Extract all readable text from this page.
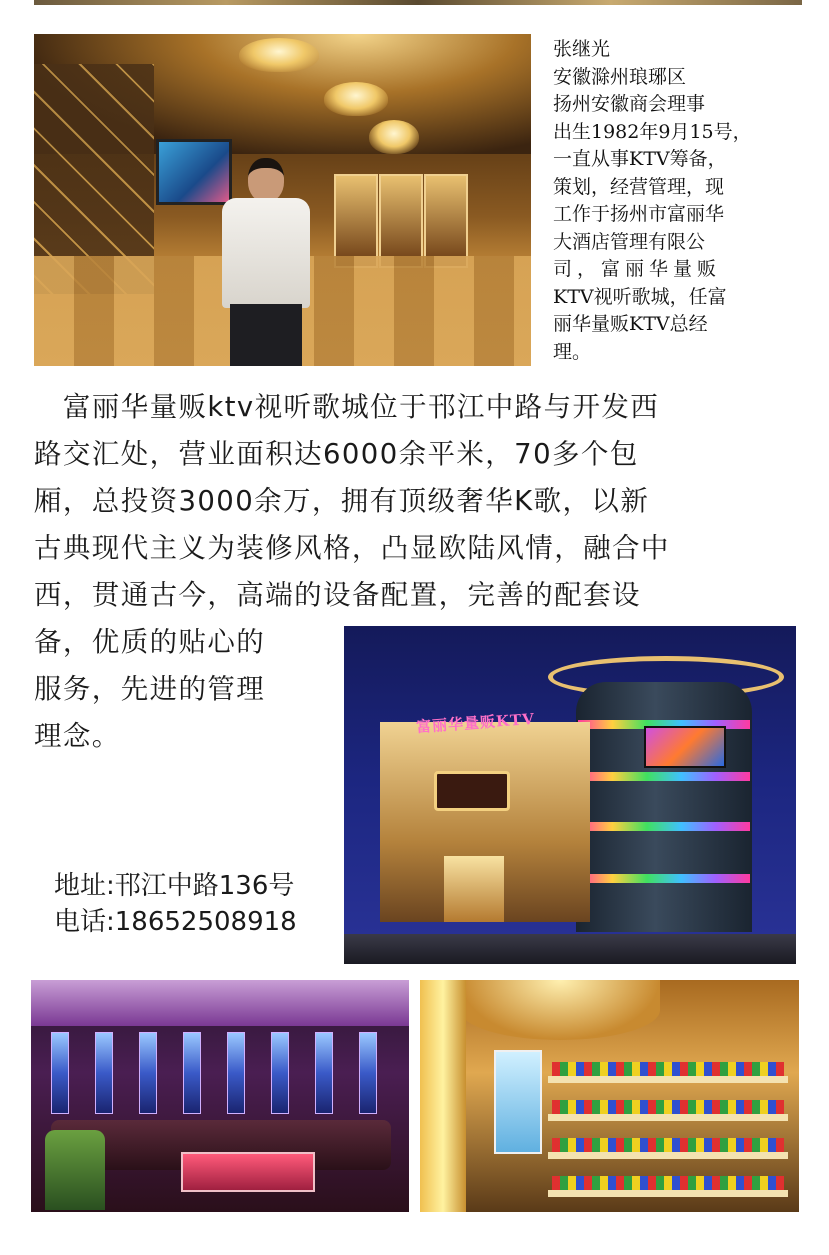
张继光
安徽滁州琅琊区
扬州安徽商会理事
出生1982年9月15号，
一直从事KTV筹备，
策划，经营管理，现
工作于扬州市富丽华
大酒店管理有限公
司，富丽华量贩
KTV视听歌城，任富
丽华量贩KTV总经
理。
　富丽华量贩ktv视听歌城位于邗江中路与开发西
路交汇处，营业面积达6000余平米，70多个包
厢，总投资3000余万，拥有顶级奢华K歌，以新
古典现代主义为装修风格，凸显欧陆风情，融合中
西，贯通古今，高端的设备配置，完善的配套设
备，优质的贴心的
服务，先进的管理
理念。	富丽华量贩KTV
地址:邗江中路136号
电话:18652508918
